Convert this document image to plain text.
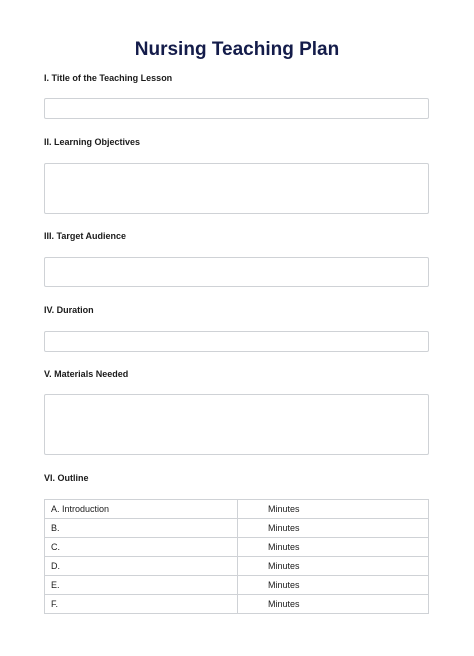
Nursing Teaching Plan
I. Title of the Teaching Lesson
II. Learning Objectives
III. Target Audience
IV. Duration
V. Materials Needed
VI. Outline
A. Introduction	Minutes
B.	Minutes
C.	Minutes
D.	Minutes
E.	Minutes
F.	Minutes
